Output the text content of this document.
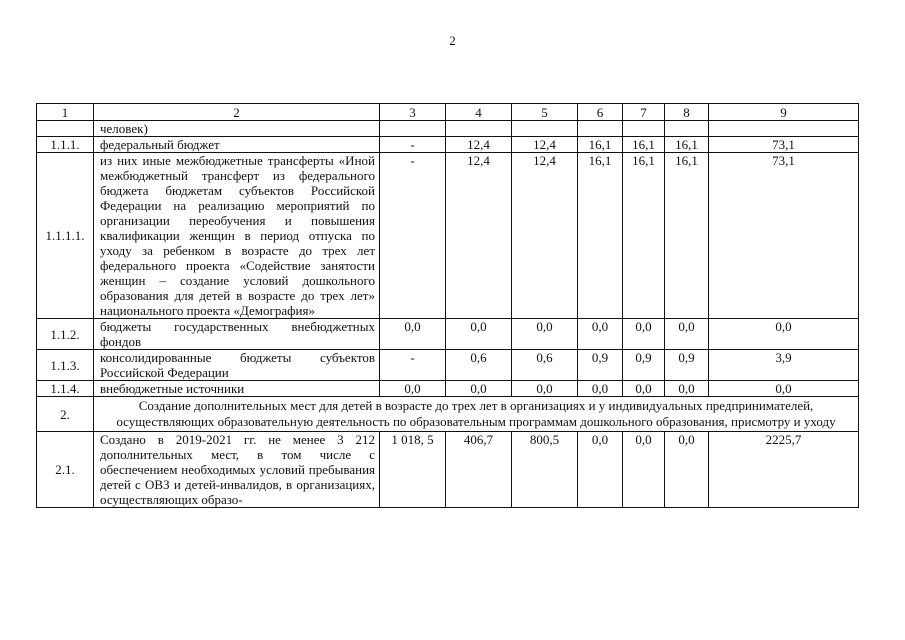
2
1	2	3	4	5	6	7	8	9
	человек)							
1.1.1.	федеральный бюджет	-	12,4	12,4	16,1	16,1	16,1	73,1
1.1.1.1.	из них иные межбюджетные трансферты «Иной межбюджетный трансферт из федерального бюджета бюджетам субъектов Российской Федерации на реализацию мероприятий по организации переобучения и повышения квалификации женщин в период отпуска по уходу за ребенком в возрасте до трех лет федерального проекта «Содействие занятости женщин – создание условий дошкольного образования для детей в возрасте до трех лет» национального проекта «Демография»	-	12,4	12,4	16,1	16,1	16,1	73,1
1.1.2.	бюджеты государственных внебюджетных фондов	0,0	0,0	0,0	0,0	0,0	0,0	0,0
1.1.3.	консолидированные бюджеты субъектов Российской Федерации	-	0,6	0,6	0,9	0,9	0,9	3,9
1.1.4.	внебюджетные источники	0,0	0,0	0,0	0,0	0,0	0,0	0,0
2.	Создание дополнительных мест для детей в возрасте до трех лет в организациях и у индивидуальных предпринимателей, осуществляющих образовательную деятельность по образовательным программам дошкольного образования, присмотру и уходу							
2.1.	Создано в 2019-2021 гг. не менее 3 212 дополнительных мест, в том числе с обеспечением необходимых условий пребывания детей с ОВЗ и детей-инвалидов, в организациях, осуществляющих образо-	1 018, 5	406,7	800,5	0,0	0,0	0,0	2225,7
